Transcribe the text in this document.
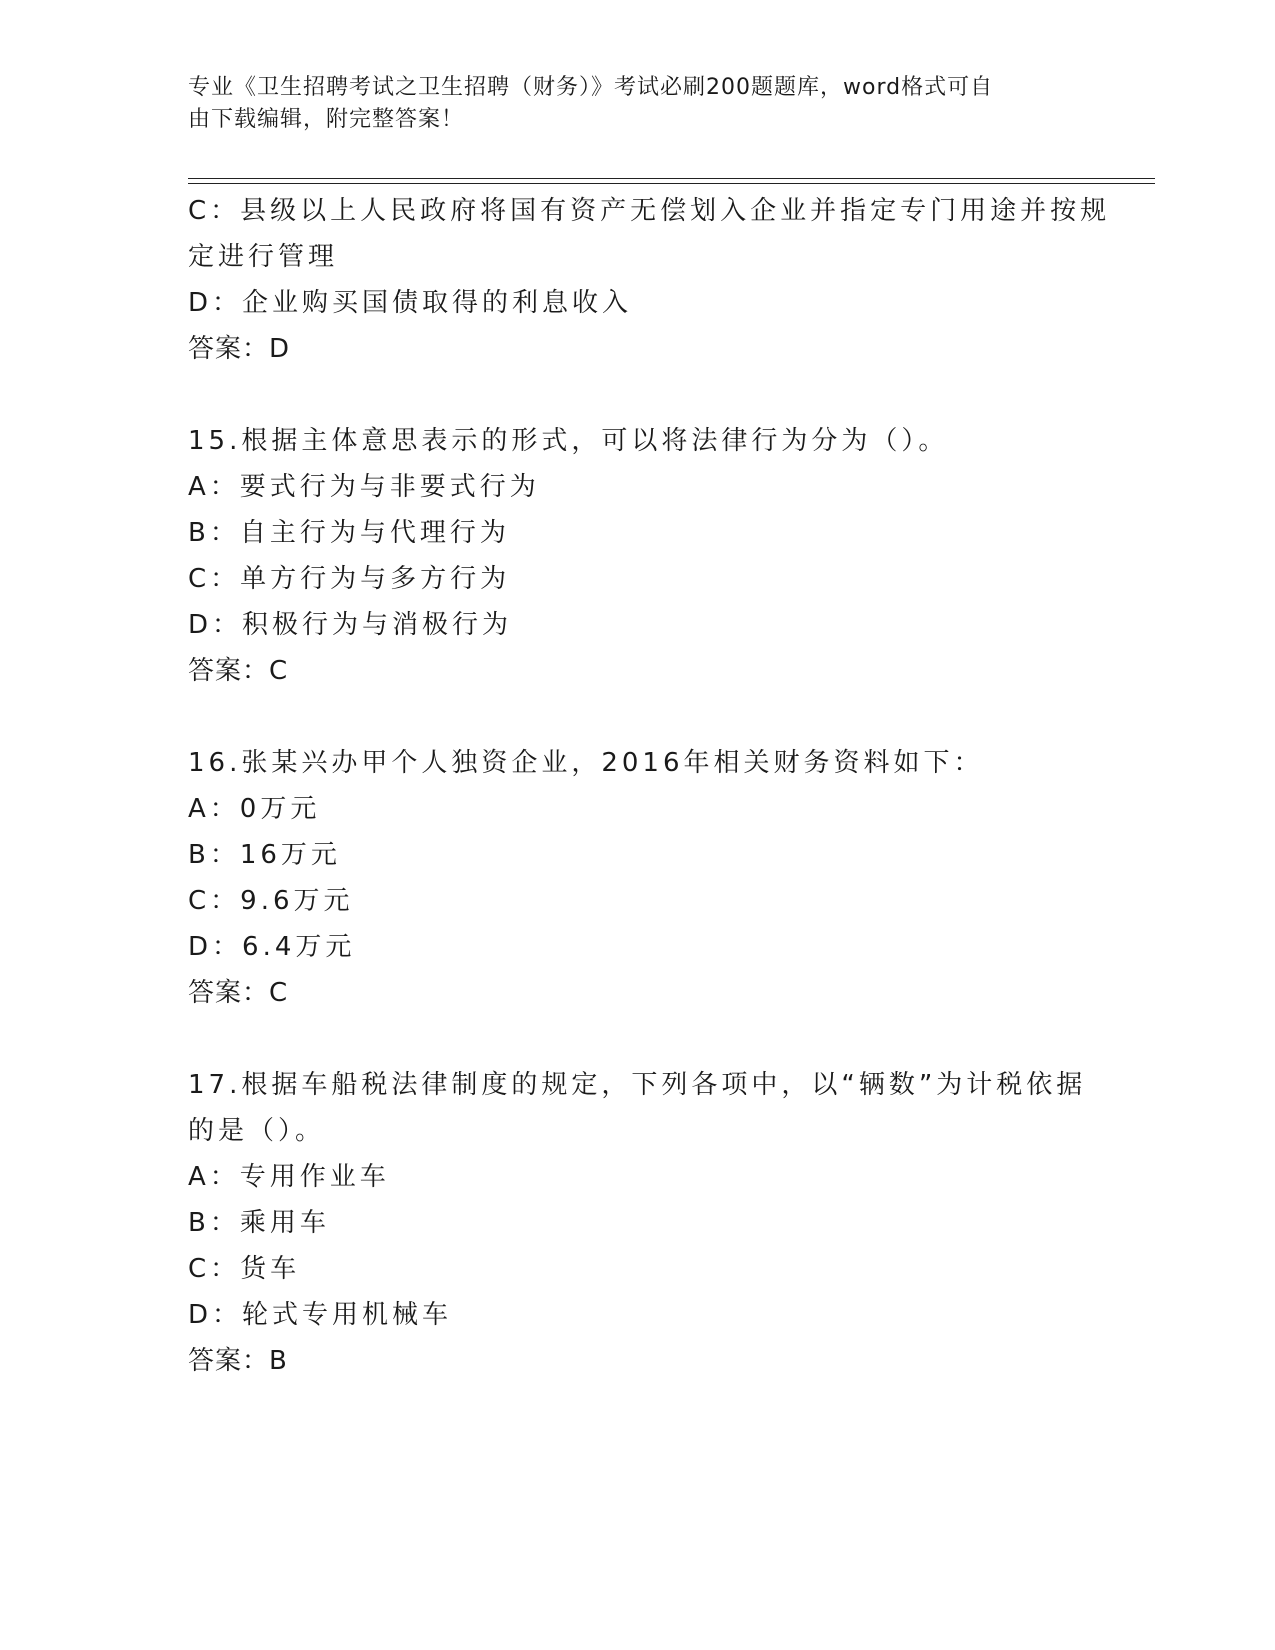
专业《卫生招聘考试之卫生招聘（财务）》考试必刷200题题库，word格式可自
由下载编辑，附完整答案！
C：县级以上人民政府将国有资产无偿划入企业并指定专门用途并按规
定进行管理
D：企业购买国债取得的利息收入
答案：D
15.根据主体意思表示的形式，可以将法律行为分为（）。
A：要式行为与非要式行为
B：自主行为与代理行为
C：单方行为与多方行为
D：积极行为与消极行为
答案：C
16.张某兴办甲个人独资企业，2016年相关财务资料如下：
A：0万元
B：16万元
C：9.6万元
D：6.4万元
答案：C
17.根据车船税法律制度的规定，下列各项中，以“辆数”为计税依据
的是（）。
A：专用作业车
B：乘用车
C：货车
D：轮式专用机械车
答案：B
